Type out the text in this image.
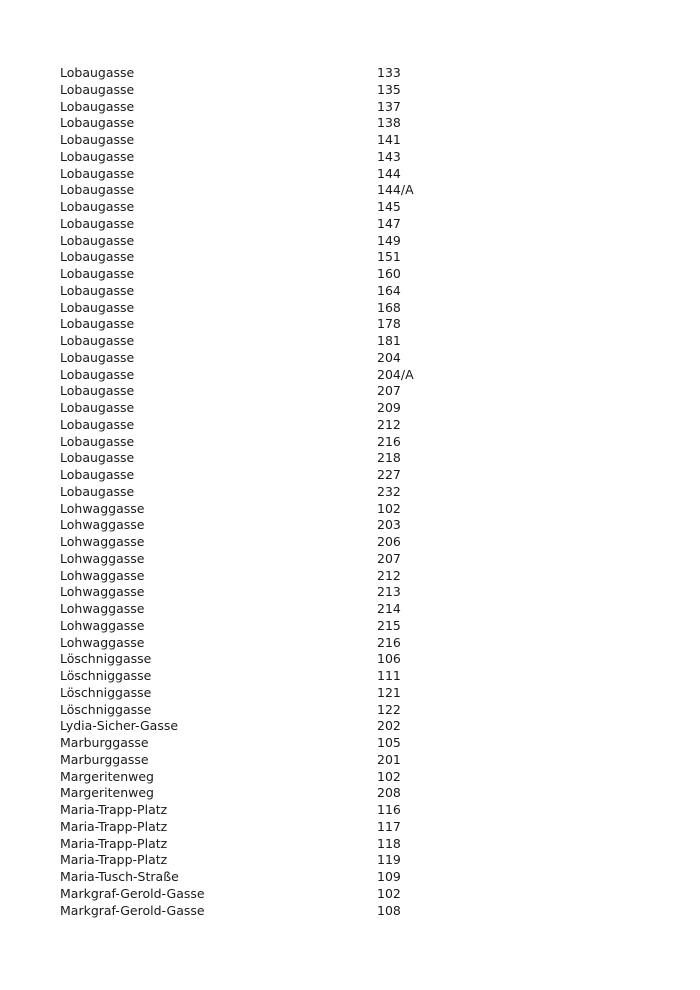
Lobaugasse	133
Lobaugasse	135
Lobaugasse	137
Lobaugasse	138
Lobaugasse	141
Lobaugasse	143
Lobaugasse	144
Lobaugasse	144/A
Lobaugasse	145
Lobaugasse	147
Lobaugasse	149
Lobaugasse	151
Lobaugasse	160
Lobaugasse	164
Lobaugasse	168
Lobaugasse	178
Lobaugasse	181
Lobaugasse	204
Lobaugasse	204/A
Lobaugasse	207
Lobaugasse	209
Lobaugasse	212
Lobaugasse	216
Lobaugasse	218
Lobaugasse	227
Lobaugasse	232
Lohwaggasse	102
Lohwaggasse	203
Lohwaggasse	206
Lohwaggasse	207
Lohwaggasse	212
Lohwaggasse	213
Lohwaggasse	214
Lohwaggasse	215
Lohwaggasse	216
Löschniggasse	106
Löschniggasse	111
Löschniggasse	121
Löschniggasse	122
Lydia-Sicher-Gasse	202
Marburggasse	105
Marburggasse	201
Margeritenweg	102
Margeritenweg	208
Maria-Trapp-Platz	116
Maria-Trapp-Platz	117
Maria-Trapp-Platz	118
Maria-Trapp-Platz	119
Maria-Tusch-Straße	109
Markgraf-Gerold-Gasse	102
Markgraf-Gerold-Gasse	108
